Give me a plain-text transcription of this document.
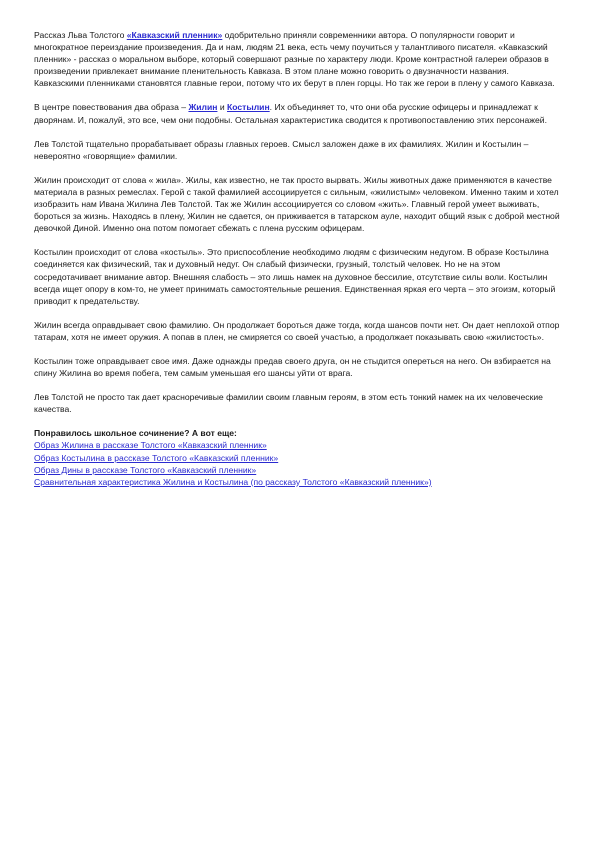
Рассказ Льва Толстого «Кавказский пленник» одобрительно приняли современники автора. О популярности говорит и многократное переиздание произведения. Да и нам, людям 21 века, есть чему поучиться у талантливого писателя. «Кавказский пленник» - рассказ о моральном выборе, который совершают разные по характеру люди. Кроме контрастной галереи образов в произведении привлекает внимание пленительность Кавказа. В этом плане можно говорить о двузначности названия. Кавказскими пленниками становятся главные герои, потому что их берут в плен горцы. Но так же герои в плену у самого Кавказа.

В центре повествования два образа – Жилин и Костылин. Их объединяет то, что они оба русские офицеры и принадлежат к дворянам. И, пожалуй, это все, чем они подобны. Остальная характеристика сводится к противопоставлению этих персонажей.

Лев Толстой тщательно прорабатывает образы главных героев. Смысл заложен даже в их фамилиях. Жилин и Костылин – невероятно «говорящие» фамилии.

Жилин происходит от слова « жила». Жилы, как известно, не так просто вырвать. Жилы животных даже применяются в качестве материала в разных ремеслах. Герой с такой фамилией ассоциируется с сильным, «жилистым» человеком. Именно таким и хотел изобразить нам Ивана Жилина Лев Толстой. Так же Жилин ассоциируется со словом «жить». Главный герой умеет выживать, бороться за жизнь. Находясь в плену, Жилин не сдается, он приживается в татарском ауле, находит общий язык с доброй местной девочкой Диной. Именно она потом помогает сбежать с плена русским офицерам.

Костылин происходит от слова «костыль». Это приспособление необходимо людям с физическим недугом. В образе Костылина соединяется как физический, так и духовный недуг. Он слабый физически, грузный, толстый человек. Но не на этом сосредотачивает внимание автор. Внешняя слабость – это лишь намек на духовное бессилие, отсутствие силы воли. Костылин всегда ищет опору в ком-то, не умеет принимать самостоятельные решения. Единственная яркая его черта – это эгоизм, который приводит к предательству.

Жилин всегда оправдывает свою фамилию. Он продолжает бороться даже тогда, когда шансов почти нет. Он дает неплохой отпор татарам, хотя не имеет оружия. А попав в плен, не смиряется со своей участью, а продолжает показывать свою «жилистость».

Костылин тоже оправдывает свое имя. Даже однажды предав своего друга, он не стыдится опереться на него. Он взбирается на спину Жилина во время побега, тем самым уменьшая его шансы уйти от врага.

Лев Толстой не просто так дает красноречивые фамилии своим главным героям, в этом есть тонкий намек на их человеческие качества.

Понравилось школьное сочинение? А вот еще:
Образ Жилина в рассказе Толстого «Кавказский пленник»
Образ Костылина в рассказе Толстого «Кавказский пленник»
Образ Дины в рассказе Толстого «Кавказский пленник»
Сравнительная характеристика Жилина и Костылина (по рассказу Толстого «Кавказский пленник»)
